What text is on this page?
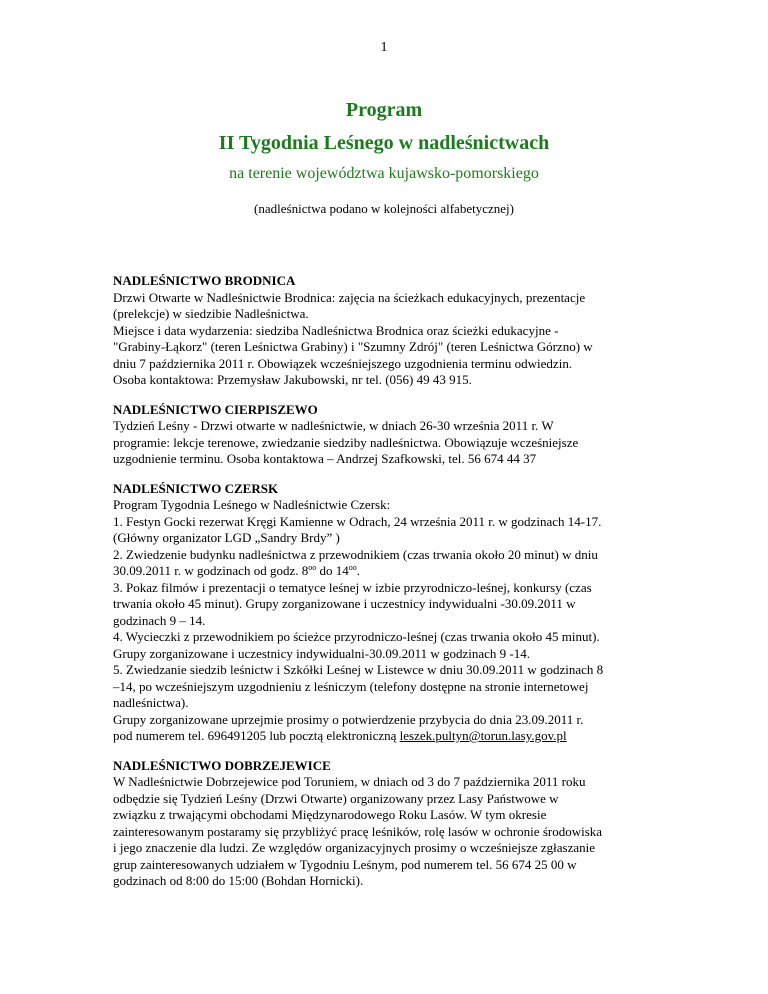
1
Program
II Tygodnia Leśnego w nadleśnictwach
na terenie województwa kujawsko-pomorskiego
(nadleśnictwa podano w kolejności alfabetycznej)
NADLEŚNICTWO BRODNICA
Drzwi Otwarte w Nadleśnictwie Brodnica: zajęcia na ścieżkach edukacyjnych, prezentacje
(prelekcje) w siedzibie Nadleśnictwa.
Miejsce i data wydarzenia: siedziba Nadleśnictwa Brodnica oraz ścieżki edukacyjne -
"Grabiny-Łąkorz" (teren Leśnictwa Grabiny) i "Szumny Zdrój" (teren Leśnictwa Górzno) w
dniu 7 października 2011 r. Obowiązek wcześniejszego uzgodnienia terminu odwiedzin.
Osoba kontaktowa: Przemysław Jakubowski, nr tel. (056) 49 43 915.
NADLEŚNICTWO CIERPISZEWO
Tydzień Leśny - Drzwi otwarte w nadleśnictwie, w dniach 26-30 września 2011 r. W
programie: lekcje terenowe, zwiedzanie siedziby nadleśnictwa. Obowiązuje wcześniejsze
uzgodnienie terminu. Osoba kontaktowa – Andrzej Szafkowski, tel. 56 674 44 37
NADLEŚNICTWO CZERSK
Program Tygodnia Leśnego w Nadleśnictwie Czersk:
1. Festyn Gocki rezerwat Kręgi Kamienne w Odrach, 24 września 2011 r. w godzinach 14-17.
(Główny organizator LGD „Sandry Brdy” )
2. Zwiedzenie budynku nadleśnictwa z przewodnikiem (czas trwania około 20 minut) w dniu
30.09.2011 r. w godzinach od godz. $8^{oo}$ do $14^{oo}$.
3. Pokaz filmów i prezentacji o tematyce leśnej w izbie przyrodniczo-leśnej, konkursy (czas
trwania około 45 minut). Grupy zorganizowane i uczestnicy indywidualni -30.09.2011 w
godzinach 9 – 14.
4. Wycieczki z przewodnikiem po ścieżce przyrodniczo-leśnej (czas trwania około 45 minut).
Grupy zorganizowane i uczestnicy indywidualni-30.09.2011 w godzinach 9 -14.
5. Zwiedzanie siedzib leśnictw i Szkółki Leśnej w Listewce w dniu 30.09.2011 w godzinach 8
–14, po wcześniejszym uzgodnieniu z leśniczym (telefony dostępne na stronie internetowej
nadleśnictwa).
Grupy zorganizowane uprzejmie prosimy o potwierdzenie przybycia do dnia 23.09.2011 r.
pod numerem tel. 696491205 lub pocztą elektroniczną leszek.pultyn@torun.lasy.gov.pl
NADLEŚNICTWO DOBRZEJEWICE
W Nadleśnictwie Dobrzejewice pod Toruniem, w dniach od 3 do 7 października 2011 roku
odbędzie się Tydzień Leśny (Drzwi Otwarte) organizowany przez Lasy Państwowe w
związku z trwającymi obchodami Międzynarodowego Roku Lasów. W tym okresie
zainteresowanym postaramy się przybliżyć pracę leśników, rolę lasów w ochronie środowiska
i jego znaczenie dla ludzi. Ze względów organizacyjnych prosimy o wcześniejsze zgłaszanie
grup zainteresowanych udziałem w Tygodniu Leśnym, pod numerem tel. 56 674 25 00 w
godzinach od 8:00 do 15:00 (Bohdan Hornicki).
